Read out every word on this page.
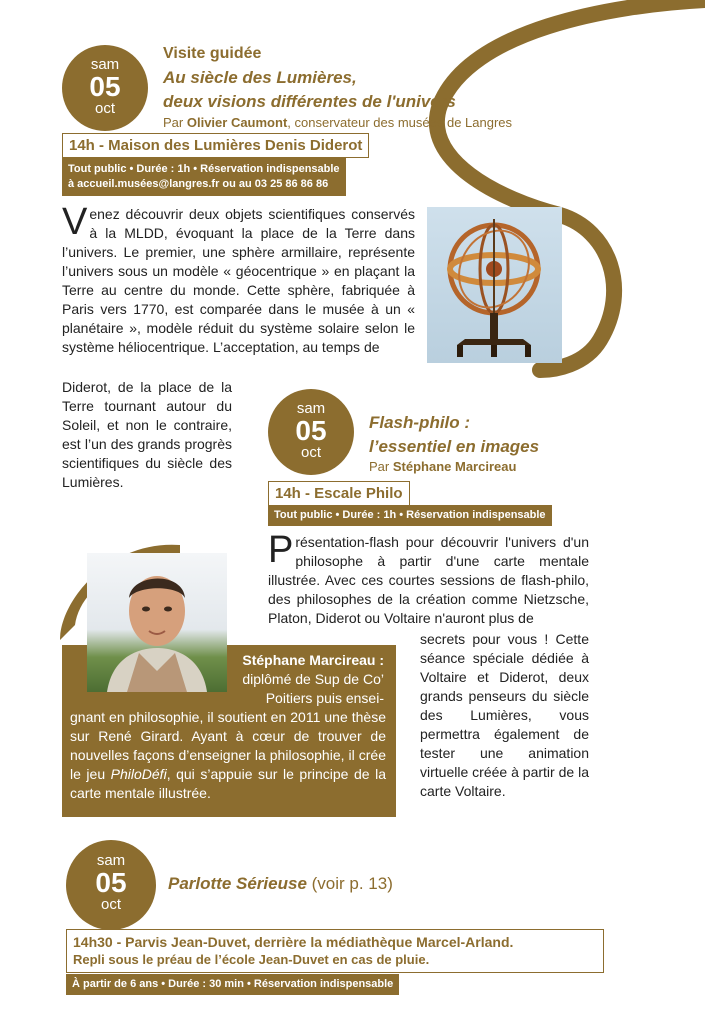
sam
05
oct
Visite guidée
Au siècle des Lumières,
deux visions différentes de l'univers
Par Olivier Caumont, conservateur des musées de Langres
14h - Maison des Lumières Denis Diderot
Tout public • Durée : 1h • Réservation indispensable
à accueil.musées@langres.fr ou au 03 25 86 86 86
Venez découvrir deux objets scientifiques conservés à la MLDD, évoquant la place de la Terre dans l’univers. Le premier, une sphère armillaire, représente l’univers sous un modèle « géocentrique » en plaçant la Terre au centre du monde. Cette sphère, fabriquée à Paris vers 1770, est comparée dans le musée à un « planétaire », modèle réduit du système solaire selon le système héliocentrique. L’acceptation, au temps de
Diderot, de la place de la Terre tournant autour du Soleil, et non le contraire, est l’un des grands progrès scientifiques du siècle des Lumières.
sam
05
oct
Flash-philo :
l’essentiel en images
Par Stéphane Marcireau
14h - Escale Philo
Tout public • Durée : 1h • Réservation indispensable
Présentation-flash pour découvrir l'univers d'un philosophe à partir d'une carte mentale illustrée. Avec ces courtes sessions de flash-philo, des philosophes de la création comme Nietzsche, Platon, Diderot ou Voltaire n'auront plus de
secrets pour vous ! Cette séance spéciale dédiée à Voltaire et Diderot, deux grands penseurs du siècle des Lumières, vous permettra également de tester une animation virtuelle créée à partir de la carte Voltaire.
Stéphane Marcireau :
diplômé de Sup de Co’ Poitiers puis ensei-
gnant en philosophie, il soutient en 2011 une thèse sur René Girard. Ayant à cœur de trouver de nouvelles façons d’enseigner la philosophie, il crée le jeu PhiloDéfi, qui s’appuie sur le principe de la carte mentale illustrée.
sam
05
oct
Parlotte Sérieuse (voir p. 13)
14h30 - Parvis Jean-Duvet, derrière la médiathèque Marcel-Arland.
Repli sous le préau de l’école Jean-Duvet en cas de pluie.
À partir de 6 ans • Durée : 30 min • Réservation indispensable
